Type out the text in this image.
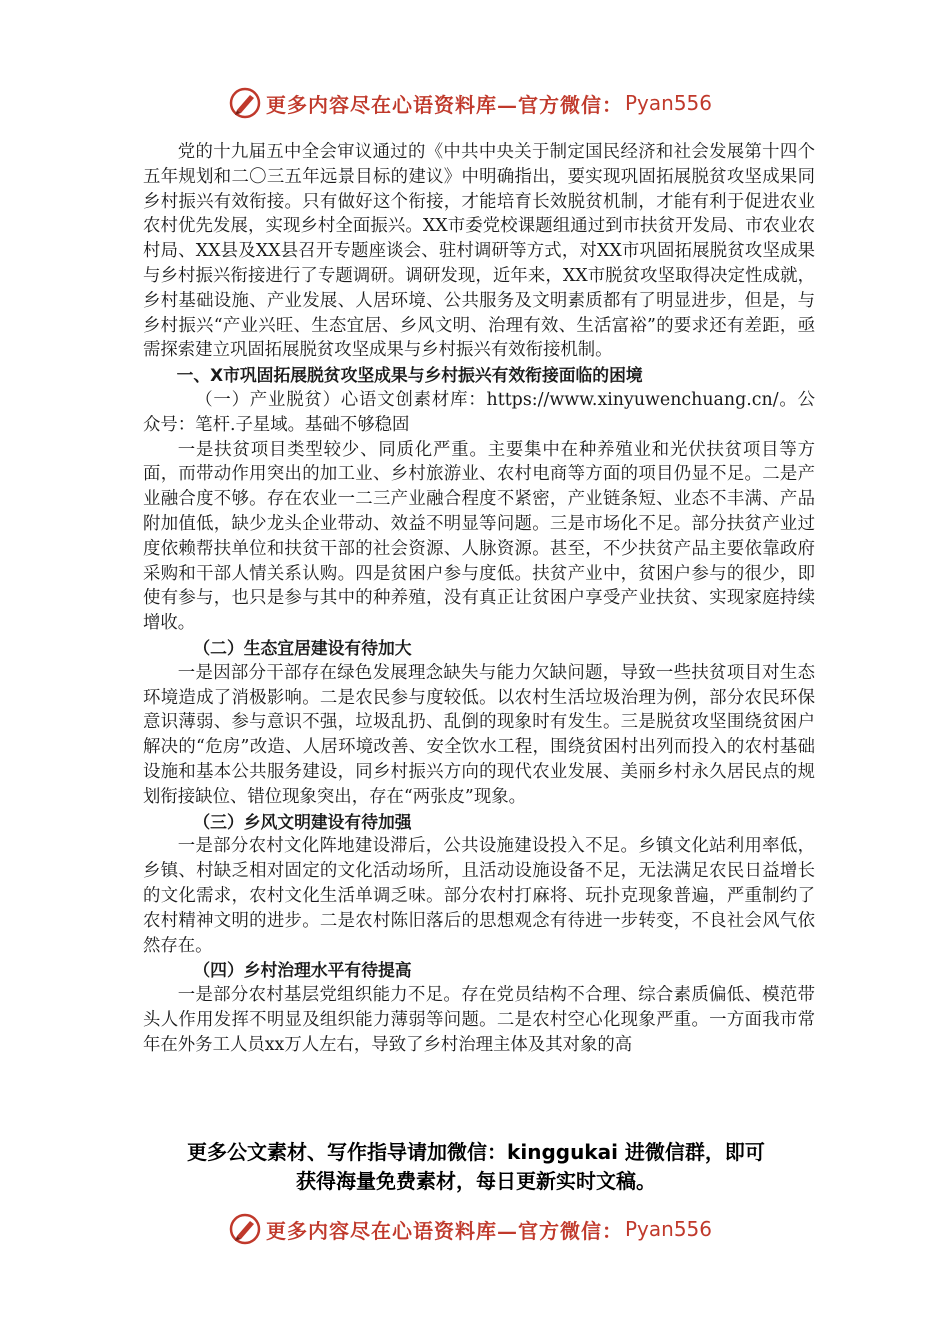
更多内容尽在心语资料库—官方微信： Pyan556

党的十九届五中全会审议通过的《中共中央关于制定国民经济和社会发展第十四个五年规划和二〇三五年远景目标的建议》中明确指出，要实现巩固拓展脱贫攻坚成果同乡村振兴有效衔接。只有做好这个衔接，才能培育长效脱贫机制，才能有利于促进农业农村优先发展，实现乡村全面振兴。XX市委党校课题组通过到市扶贫开发局、市农业农村局、XX县及XX县召开专题座谈会、驻村调研等方式，对XX市巩固拓展脱贫攻坚成果与乡村振兴衔接进行了专题调研。调研发现，近年来，XX市脱贫攻坚取得决定性成就，乡村基础设施、产业发展、人居环境、公共服务及文明素质都有了明显进步，但是，与乡村振兴“产业兴旺、生态宜居、乡风文明、治理有效、生活富裕”的要求还有差距，亟需探索建立巩固拓展脱贫攻坚成果与乡村振兴有效衔接机制。

一、X市巩固拓展脱贫攻坚成果与乡村振兴有效衔接面临的困境

（一）产业脱贫）心语文创素材库：https://www.xinyuwenchuang.cn/。公众号：笔杆.子星域。基础不够稳固

一是扶贫项目类型较少、同质化严重。主要集中在种养殖业和光伏扶贫项目等方面，而带动作用突出的加工业、乡村旅游业、农村电商等方面的项目仍显不足。二是产业融合度不够。存在农业一二三产业融合程度不紧密，产业链条短、业态不丰满、产品附加值低，缺少龙头企业带动、效益不明显等问题。三是市场化不足。部分扶贫产业过度依赖帮扶单位和扶贫干部的社会资源、人脉资源。甚至，不少扶贫产品主要依靠政府采购和干部人情关系认购。四是贫困户参与度低。扶贫产业中，贫困户参与的很少，即使有参与，也只是参与其中的种养殖，没有真正让贫困户享受产业扶贫、实现家庭持续增收。

（二）生态宜居建设有待加大

一是因部分干部存在绿色发展理念缺失与能力欠缺问题，导致一些扶贫项目对生态环境造成了消极影响。二是农民参与度较低。以农村生活垃圾治理为例，部分农民环保意识薄弱、参与意识不强，垃圾乱扔、乱倒的现象时有发生。三是脱贫攻坚围绕贫困户解决的“危房”改造、人居环境改善、安全饮水工程，围绕贫困村出列而投入的农村基础设施和基本公共服务建设，同乡村振兴方向的现代农业发展、美丽乡村永久居民点的规划衔接缺位、错位现象突出，存在“两张皮”现象。

（三）乡风文明建设有待加强

一是部分农村文化阵地建设滞后，公共设施建设投入不足。乡镇文化站利用率低，乡镇、村缺乏相对固定的文化活动场所，且活动设施设备不足，无法满足农民日益增长的文化需求，农村文化生活单调乏味。部分农村打麻将、玩扑克现象普遍，严重制约了农村精神文明的进步。二是农村陈旧落后的思想观念有待进一步转变，不良社会风气依然存在。

（四）乡村治理水平有待提高

一是部分农村基层党组织能力不足。存在党员结构不合理、综合素质偏低、模范带头人作用发挥不明显及组织能力薄弱等问题。二是农村空心化现象严重。一方面我市常年在外务工人员xx万人左右，导致了乡村治理主体及其对象的高

更多公文素材、写作指导请加微信：kinggukai 进微信群，即可
获得海量免费素材，每日更新实时文稿。
更多内容尽在心语资料库—官方微信： Pyan556
